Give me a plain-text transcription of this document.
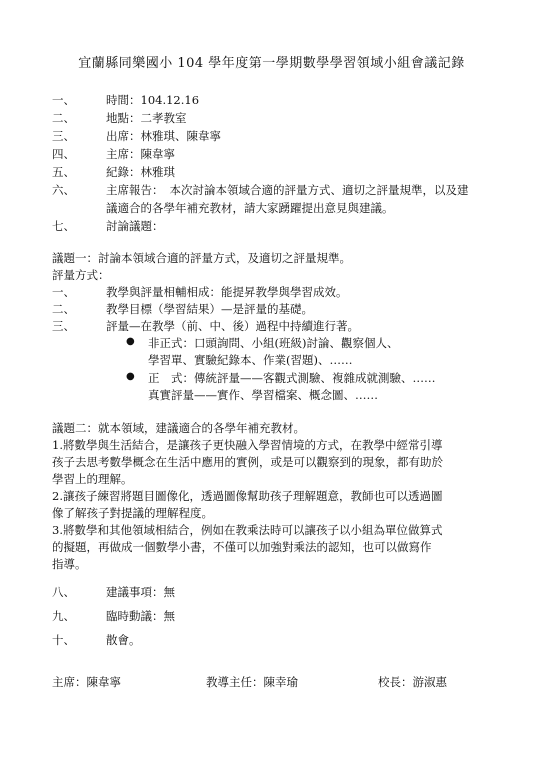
宜蘭縣同樂國小 104 學年度第一學期數學學習領域小組會議記錄
一、	時間：104.12.16
二、	地點：二孝教室
三、	出席：林雅琪、陳韋寧
四、	主席：陳韋寧
五、	紀錄：林雅琪
六、	主席報告： 本次討論本領域合適的評量方式、適切之評量規準，以及建
議適合的各學年補充教材，請大家踴躍提出意見與建議。
七、	討論議題：
議題一：討論本領域合適的評量方式，及適切之評量規準。
評量方式：
一、	教學與評量相輔相成：能提昇教學與學習成效。
二、	教學目標（學習結果）—是評量的基礎。
三、	評量—在教學（前、中、後）過程中持續進行著。
● 非正式：口頭詢問、小組(班級)討論、觀察個人、
學習單、實驗紀錄本、作業(習題)、……
● 正　式：傳統評量——客觀式測驗、複雜成就測驗、……
真實評量——實作、學習檔案、概念圖、……
議題二：就本領域，建議適合的各學年補充教材。
1.將數學與生活結合，是讓孩子更快融入學習情境的方式，在教學中經常引導
孩子去思考數學概念在生活中應用的實例，或是可以觀察到的現象，都有助於
學習上的理解。
2.讓孩子練習將題目圖像化，透過圖像幫助孩子理解題意，教師也可以透過圖
像了解孩子對提議的理解程度。
3.將數學和其他領域相結合，例如在教乘法時可以讓孩子以小組為單位做算式
的擬題，再做成一個數學小書，不僅可以加強對乘法的認知，也可以做寫作
指導。
八、	建議事項：無
九、	臨時動議：無
十、	散會。
主席：陳韋寧	教導主任：陳幸瑜	校長：游淑惠
